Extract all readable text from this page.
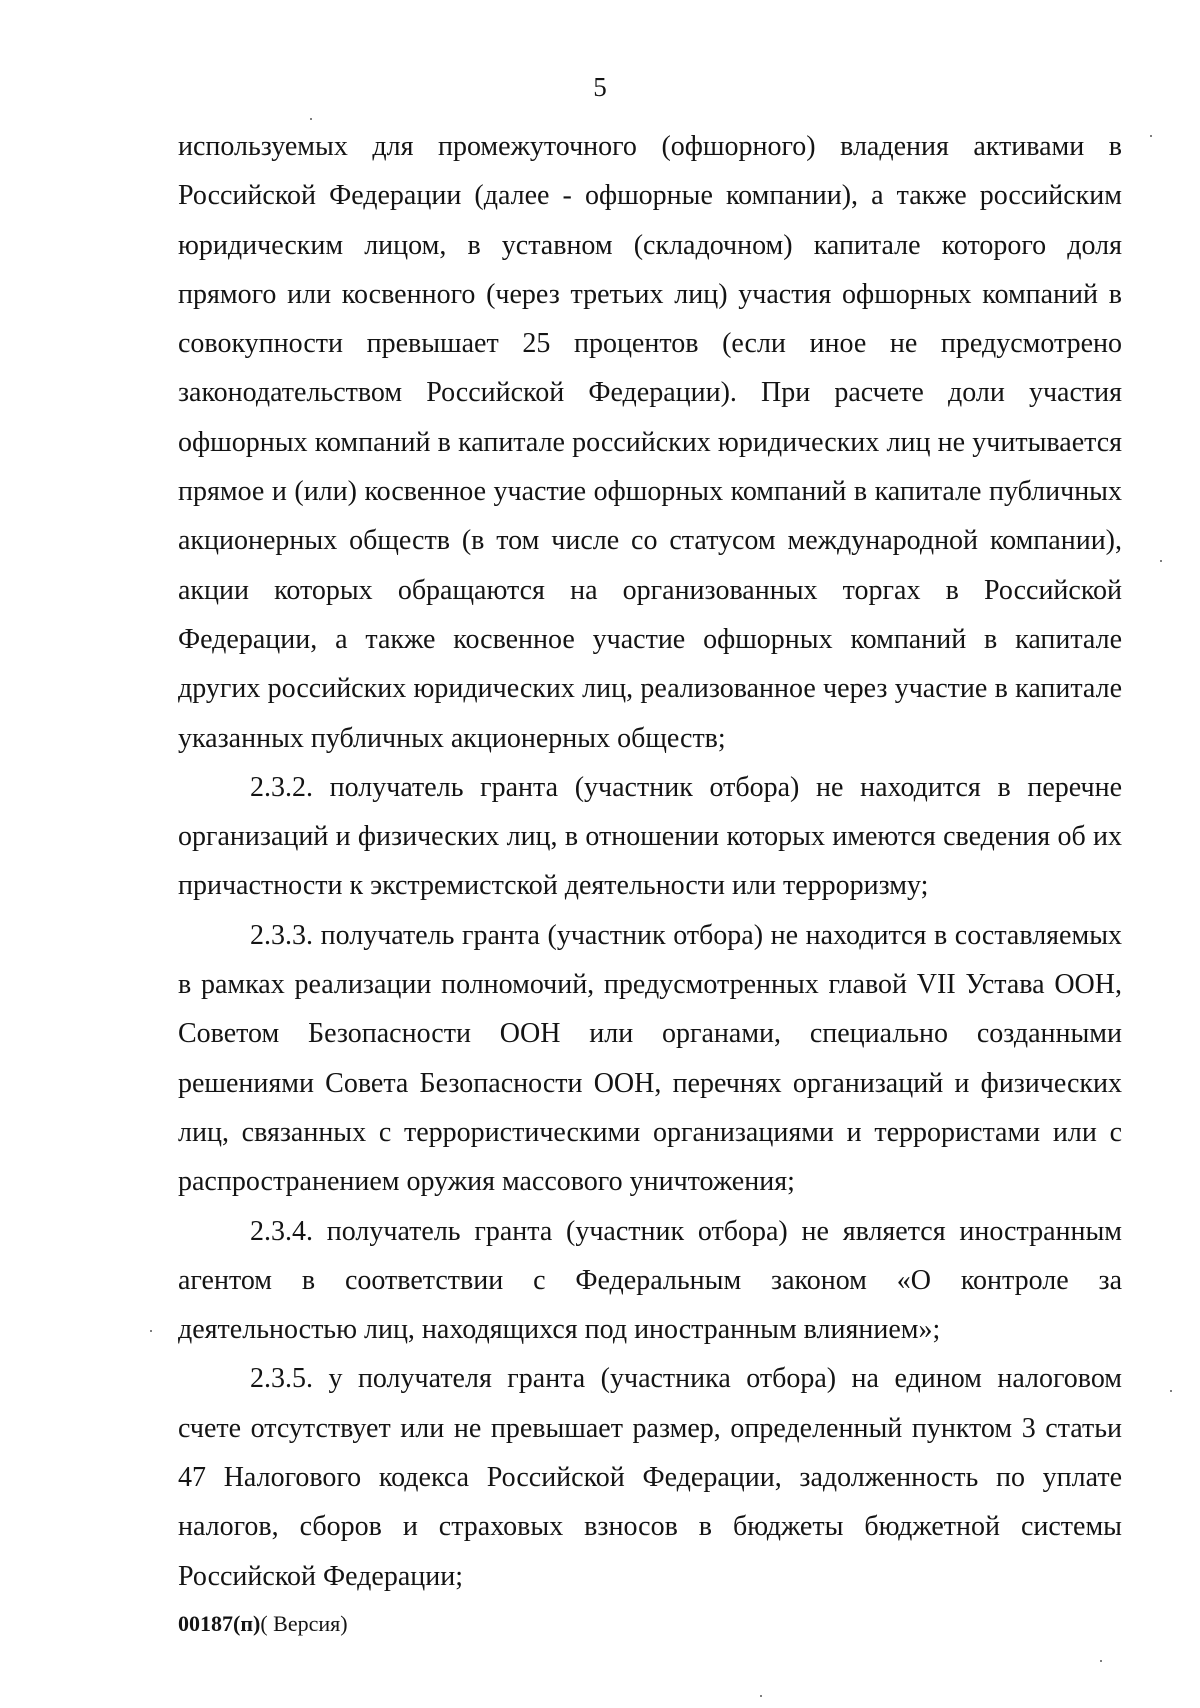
5

используемых для промежуточного (офшорного) владения активами в Российской Федерации (далее - офшорные компании), а также российским юридическим лицом, в уставном (складочном) капитале которого доля прямого или косвенного (через третьих лиц) участия офшорных компаний в совокупности превышает 25 процентов (если иное не предусмотрено законодательством Российской Федерации). При расчете доли участия офшорных компаний в капитале российских юридических лиц не учитывается прямое и (или) косвенное участие офшорных компаний в капитале публичных акционерных обществ (в том числе со статусом международной компании), акции которых обращаются на организованных торгах в Российской Федерации, а также косвенное участие офшорных компаний в капитале других российских юридических лиц, реализованное через участие в капитале указанных публичных акционерных обществ;

2.3.2. получатель гранта (участник отбора) не находится в перечне организаций и физических лиц, в отношении которых имеются сведения об их причастности к экстремистской деятельности или терроризму;

2.3.3. получатель гранта (участник отбора) не находится в составляемых в рамках реализации полномочий, предусмотренных главой VII Устава ООН, Советом Безопасности ООН или органами, специально созданными решениями Совета Безопасности ООН, перечнях организаций и физических лиц, связанных с террористическими организациями и террористами или с распространением оружия массового уничтожения;

2.3.4. получатель гранта (участник отбора) не является иностранным агентом в соответствии с Федеральным законом «О контроле за деятельностью лиц, находящихся под иностранным влиянием»;

2.3.5. у получателя гранта (участника отбора) на едином налоговом счете отсутствует или не превышает размер, определенный пунктом 3 статьи 47 Налогового кодекса Российской Федерации, задолженность по уплате налогов, сборов и страховых взносов в бюджеты бюджетной системы Российской Федерации;

00187(п)( Версия)
